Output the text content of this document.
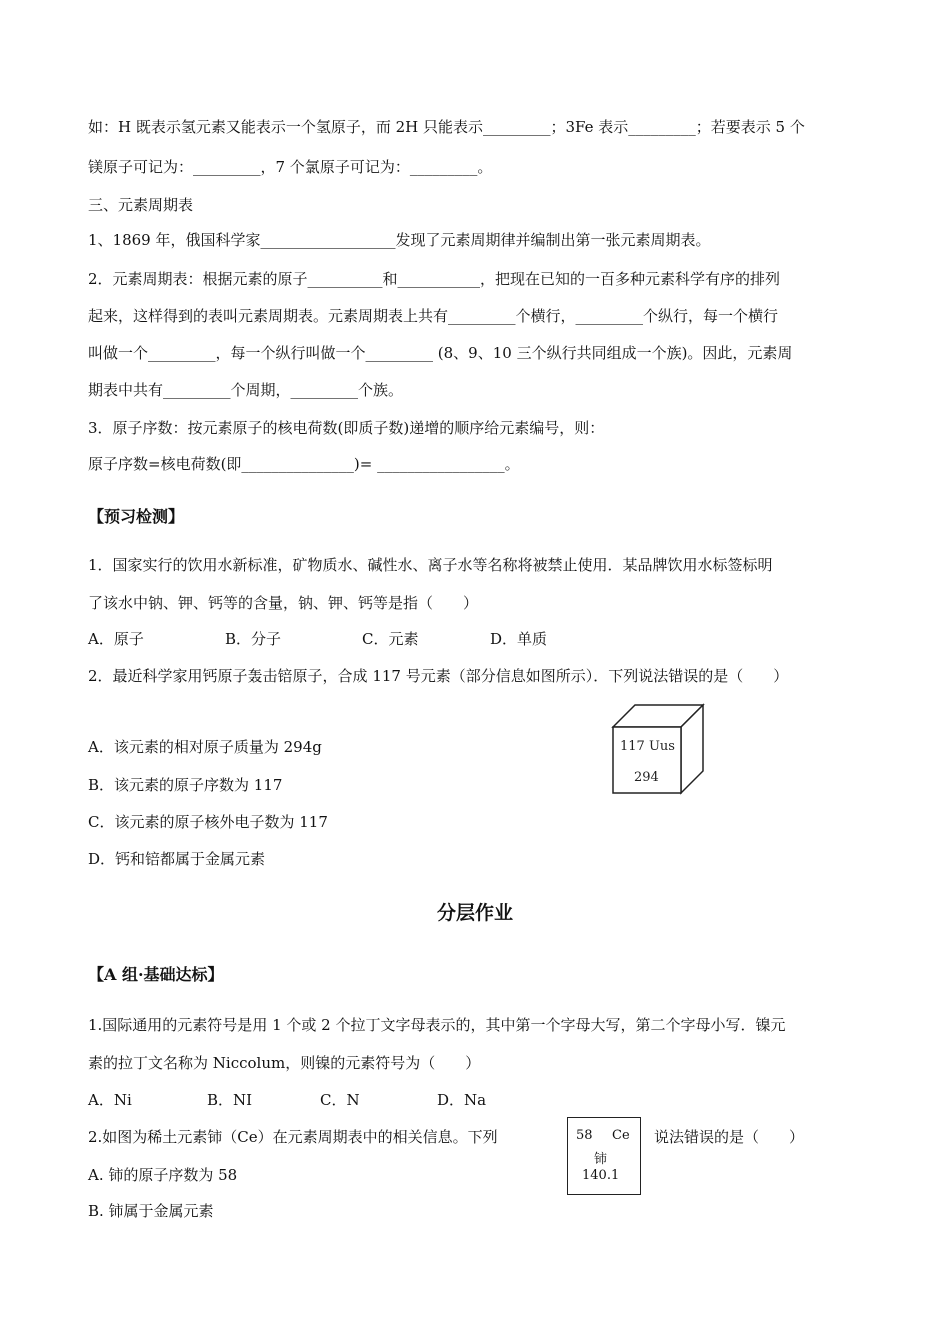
如：H 既表示氢元素又能表示一个氢原子，而 2H 只能表示_________；3Fe 表示_________；若要表示 5 个
镁原子可记为：_________，7 个氯原子可记为：_________。
三、元素周期表
1、1869 年，俄国科学家__________________发现了元素周期律并编制出第一张元素周期表。
2．元素周期表：根据元素的原子__________和___________，把现在已知的一百多种元素科学有序的排列
起来，这样得到的表叫元素周期表。元素周期表上共有_________个横行，_________个纵行，每一个横行
叫做一个_________，每一个纵行叫做一个_________ (8、9、10 三个纵行共同组成一个族)。因此，元素周
期表中共有_________个周期，_________个族。
3．原子序数：按元素原子的核电荷数(即质子数)递增的顺序给元素编号，则：
原子序数=核电荷数(即_______________)= _________________。
【预习检测】
1．国家实行的饮用水新标准，矿物质水、碱性水、离子水等名称将被禁止使用．某品牌饮用水标签标明
了该水中钠、钾、钙等的含量，钠、钾、钙等是指（　　）
A．原子	B．分子	C．元素	D．单质
2．最近科学家用钙原子轰击锫原子，合成 117 号元素（部分信息如图所示）．下列说法错误的是（　　）
A．该元素的相对原子质量为 294g
B．该元素的原子序数为 117
C．该元素的原子核外电子数为 117
D．钙和锫都属于金属元素
117 Uus
294
分层作业
【A 组·基础达标】
1.国际通用的元素符号是用 1 个或 2 个拉丁文字母表示的，其中第一个字母大写，第二个字母小写．镍元
素的拉丁文名称为 Niccolum，则镍的元素符号为（　　）
A．Ni	B．NI	C．N	D．Na
2.如图为稀土元素铈（Ce）在元素周期表中的相关信息。下列	说法错误的是（　　）
58 Ce
铈
140.1
A. 铈的原子序数为 58
B. 铈属于金属元素
